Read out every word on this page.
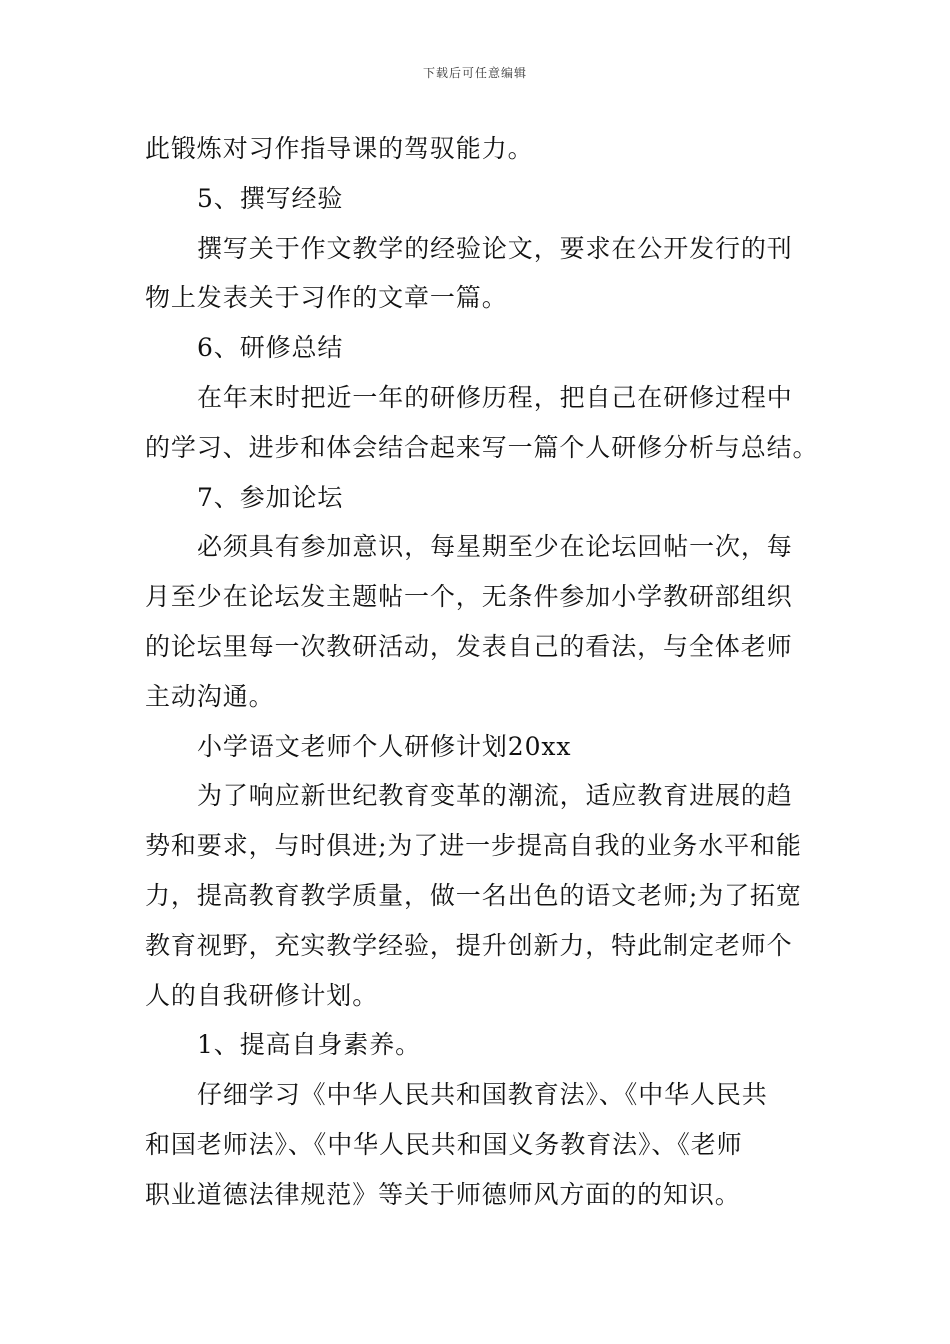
下载后可任意编辑
此锻炼对习作指导课的驾驭能力。
5、撰写经验
撰写关于作文教学的经验论文，要求在公开发行的刊
物上发表关于习作的文章一篇。
6、研修总结
在年末时把近一年的研修历程，把自己在研修过程中
的学习、进步和体会结合起来写一篇个人研修分析与总结。
7、参加论坛
必须具有参加意识，每星期至少在论坛回帖一次，每
月至少在论坛发主题帖一个，无条件参加小学教研部组织
的论坛里每一次教研活动，发表自己的看法，与全体老师
主动沟通。
小学语文老师个人研修计划20xx
为了响应新世纪教育变革的潮流，适应教育进展的趋
势和要求，与时俱进;为了进一步提高自我的业务水平和能
力，提高教育教学质量，做一名出色的语文老师;为了拓宽
教育视野，充实教学经验，提升创新力，特此制定老师个
人的自我研修计划。
1、提高自身素养。
仔细学习《中华人民共和国教育法》、《中华人民共
和国老师法》、《中华人民共和国义务教育法》、《老师
职业道德法律规范》等关于师德师风方面的的知识。
